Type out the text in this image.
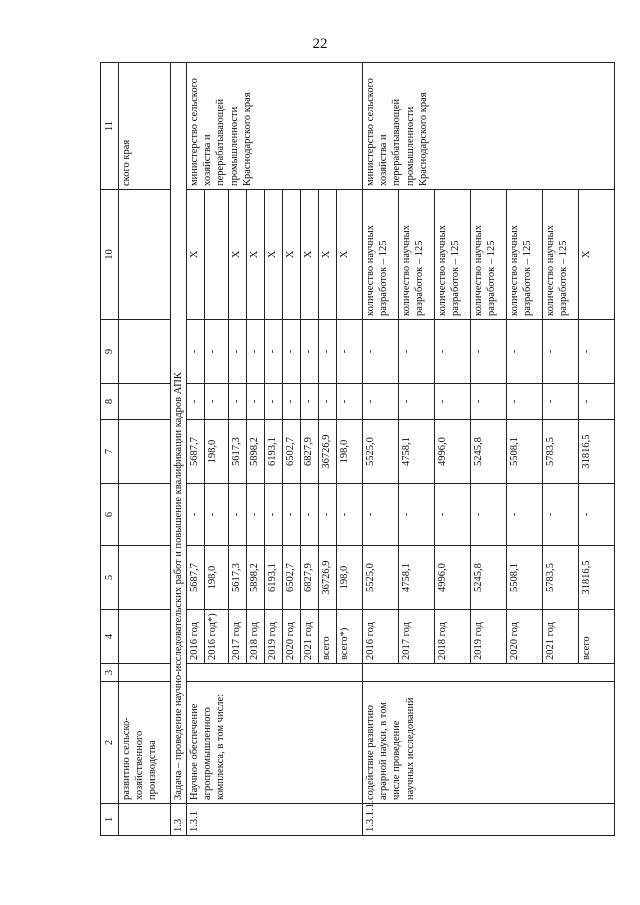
22
1	2	3	4	5	6	7	8	9	10	11
	развитию сельско-хозяйственного производства									ского края
1.3	Задача – проведение научно-исследовательских работ и повышение квалификации кадров АПК									
1.3.1	Научное обеспечение агропромышленного комплекса, в том числе:		2016 год	5687,7	-	5687,7	-	-	X	министерство сельского хозяйства и перерабатывающей промышленности Краснодарского края
			2016 год*)	198,0	-	198,0	-	-		
			2017 год	5617,3	-	5617,3	-	-	X	
			2018 год	5898,2	-	5898,2	-	-	X	
			2019 год	6193,1	-	6193,1	-	-	X	
			2020 год	6502,7	-	6502,7	-	-	X	
			2021 год	6827,9	-	6827,9	-	-	X	
			всего	36726,9	-	36726,9	-	-	X	
			всего*)	198,0	-	198,0	-	-	X	
1.3.1.1.	содействие развитию аграрной науки, в том числе проведение научных исследований		2016 год	5525,0	-	5525,0	-	-	количество научных разработок – 125	министерство сельского хозяйства и перерабатывающей промышленности Краснодарского края
			2017 год	4758,1	-	4758,1	-	-	количество научных разработок – 125	
			2018 год	4996,0	-	4996,0	-	-	количество научных разработок – 125	
			2019 год	5245,8	-	5245,8	-	-	количество научных разработок – 125	
			2020 год	5508,1	-	5508,1	-	-	количество научных разработок – 125	
			2021 год	5783,5	-	5783,5	-	-	количество научных разработок – 125	
			всего	31816,5	-	31816,5	-	-	X	
